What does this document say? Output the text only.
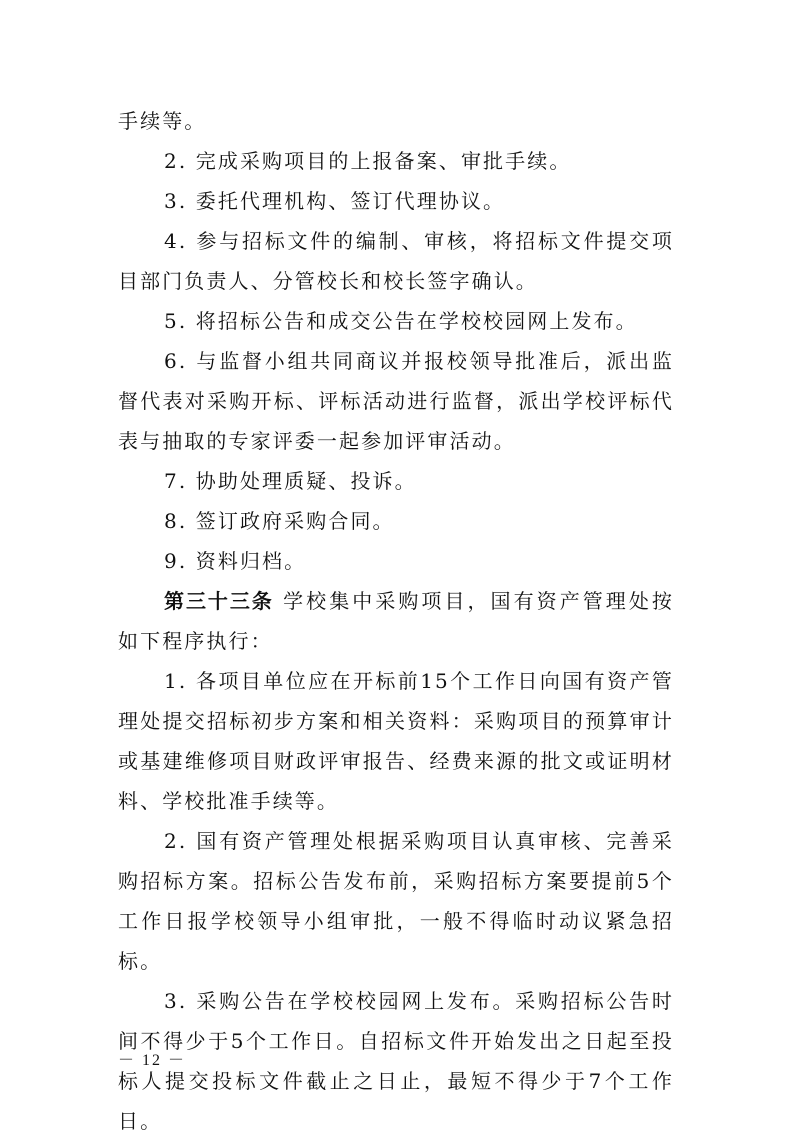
手续等。

2. 完成采购项目的上报备案、审批手续。

3. 委托代理机构、签订代理协议。

4. 参与招标文件的编制、审核，将招标文件提交项目部门负责人、分管校长和校长签字确认。

5. 将招标公告和成交公告在学校校园网上发布。

6. 与监督小组共同商议并报校领导批准后，派出监督代表对采购开标、评标活动进行监督，派出学校评标代表与抽取的专家评委一起参加评审活动。

7. 协助处理质疑、投诉。

8. 签订政府采购合同。

9. 资料归档。

第三十三条 学校集中采购项目，国有资产管理处按如下程序执行：

1. 各项目单位应在开标前15个工作日向国有资产管理处提交招标初步方案和相关资料：采购项目的预算审计或基建维修项目财政评审报告、经费来源的批文或证明材料、学校批准手续等。

2. 国有资产管理处根据采购项目认真审核、完善采购招标方案。招标公告发布前，采购招标方案要提前5个工作日报学校领导小组审批，一般不得临时动议紧急招标。

3. 采购公告在学校校园网上发布。采购招标公告时间不得少于5个工作日。自招标文件开始发出之日起至投标人提交投标文件截止之日止，最短不得少于7个工作日。

－ 12 －
